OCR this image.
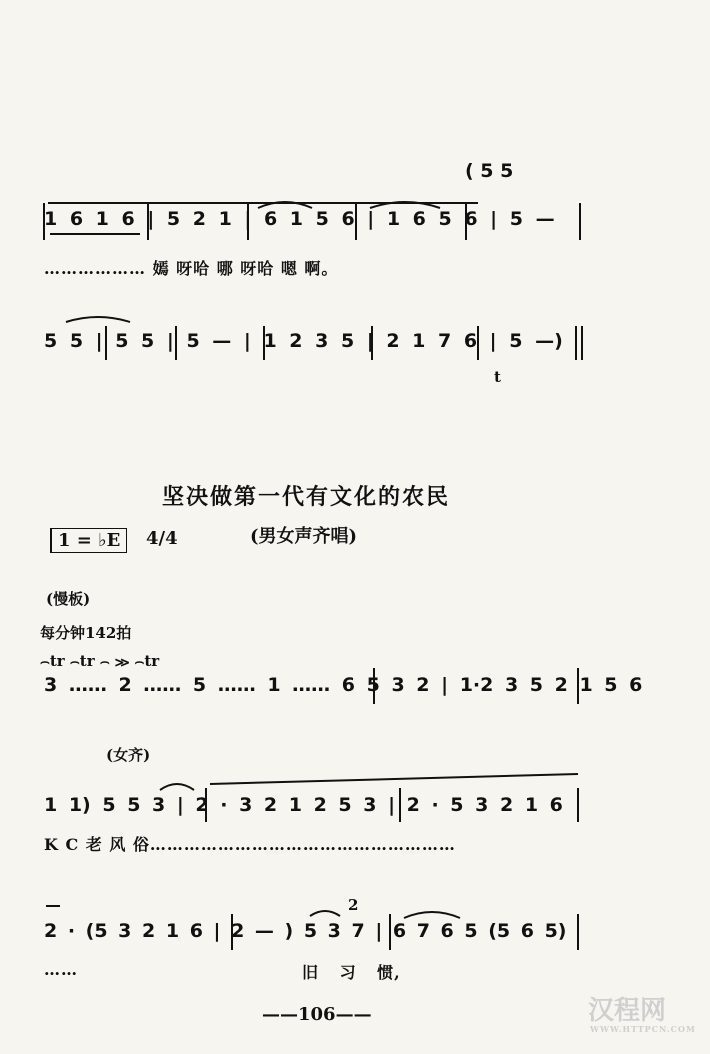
( 5 5
1 6 1 6 | 5 2 1 | 6 1 5 6 | 1 6 5 6 | 5 —
……………… 嫣 呀哈 哪 呀哈 嗯 啊。
5 5 | 5 5 | 5 — | 1 2 3 5 | 2 1 7 6 | 5 —)
t
坚决做第一代有文化的农民
1 = ♭E	4/4	(男女声齐唱)
(慢板)
每分钟142拍
⌢tr ⌢tr ⌢ ≫ ⌢tr
3 …… 2 …… 5 …… 1 …… 6 5 3 2 | 1·2 3 5 2 1 5 6
(女齐)
1 1) 5 5 3 | 2 · 3 2 1 2 5 3 | 2 · 5 3 2 1 6
K C 老 风 俗………………………………………………
2
2 · (5 3 2 1 6 | 2 — ) 5 3 7 | 6 7 6 5 (5 6 5)
……	旧 习 惯,
——106——	汉程网
WWW.HTTPCN.COM
